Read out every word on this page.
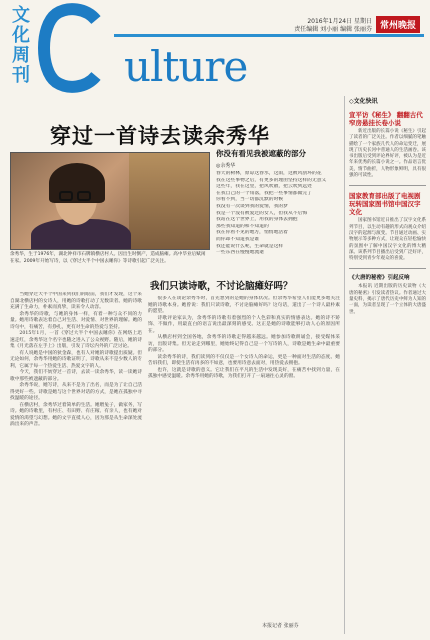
文化周刊 ulture
2016年1月24日 星期日
责任编辑 刘小丽 编辑 张丽芬 常州晚报
穿过一首诗去读余秀华
余秀华，生于1976年，湖北钟祥市石牌镇横店村人。因出生时倒产，造成脑瘫。高中毕业后赋闲在家。2009年开始写诗，以《穿过大半个中国去睡你》等诗歌引起广泛关注。
你没有看见我被遮蔽的部分
◎余秀华
春天的树林，原谅这春水，这雨，这被风刮坏的花
我在这些事物之后，有更多的理由坚持这样的无意义
这些年，我在这里，把风吹散，把云吹到远处
在我自己的一个角落，我把一些事情都做完了
你看不到，当一切都沉默的时候
我没有一次谈到我的爱情，我的梦
我是一个没有被爱过的女人，但我从不后悔
我站在这个世界上，用我的身体去拥抱
那些我知道的和不知道的
我在你看不见的地方，悄悄地活着
而你却不知道我是谁
我还能说什么呢，生命就是这样
一些东西在慢慢地流逝

当她穿过大半个中国来到我们的眼前，我们才发现，这个来自湖北横店村的女诗人，用她的诗歌打动了无数读者。她的诗歌充满了生命力，朴素而真挚，读来令人动容。

余秀华的诗歌，与她的身体一样，有着一种与众不同的力量。她用诗歌表达着自己对生活、对爱情、对世界的理解。她的诗句中，有痛苦，有挣扎，更有对生命的热爱与坚持。

2015年1月，一首《穿过大半个中国去睡你》在网络上迅速走红，余秀华这个名字也随之进入了公众视野。随后，她的诗集《月光落在左手上》出版，引发了诗坛内外的广泛讨论。

有人说她是中国的狄金森，也有人对她的诗歌提出质疑。但无论如何，余秀华用她的诗歌证明了，诗歌从来不是少数人的专利，它属于每一个热爱生活、热爱文字的人。

今天，我们不妨穿过一首诗，去读一读余秀华，读一读她诗歌中那些被遮蔽的部分。

余秀华说，她写诗，从来不是为了出名，而是为了让自己活得更好一些。诗歌是她与这个世界对话的方式，是她在孤独中寻找温暖的途径。

在横店村，余秀华过着简单的生活。她喂兔子，做家务，写诗。她的诗歌里，有村庄、有田野、有庄稼、有亲人，也有她对爱情的渴望与幻想。她的文字直抵人心，因为那是从生命深处流淌出来的声音。

我们只读诗歌，不讨论脑瘫好吗？

很多人在谈论余秀华时，首先想到的是她的身体状况。但余秀华希望人们能更多地关注她的诗歌本身。她曾说：我们只读诗歌，不讨论脑瘫好吗？这句话，道出了一个诗人最朴素的愿望。

诗歌评论家认为，余秀华的诗歌有着强烈的个人色彩和真实的情感表达。她的诗不矫饰、不做作，用最直白的语言说出最深刻的感受。这正是她的诗歌能够打动人心的原因所在。

从横店村到全国各地，余秀华的诗歌走得越来越远。她参加诗歌朗诵会，接受媒体采访，出版诗集。但无论走到哪里，她始终记得自己是一个写诗的人，诗歌是她生命中最重要的部分。

读余秀华的诗，我们读到的不仅仅是一个女诗人的命运，更是一种面对生活的态度。她告诉我们，即使生活有再多的不如意，也要用诗意去面对，用热爱去拥抱。

也许，这就是诗歌的意义。它让我们在平凡的生活中发现美好，在痛苦中找到力量，在孤独中感受温暖。余秀华用她的诗歌，为我们打开了一扇通往心灵的窗。

本报记者 张丽芬
◇文化快讯
宣平访《秘生》 翻翻古代窄房悬挂长卷小说
新近出版的长篇小说《秘生》引起了读者的广泛关注。作者以细腻的笔触描绘了一个家族几代人的命运变迁，展现了历史长河中普通人的生活画卷。该书出版后受到评论界好评，被认为是近年来优秀的长篇小说之一。作品语言优美，情节曲折，人物形象鲜明，具有很强的可读性。
国家教育部出版了电视剧 玩转国家图书馆中国汉字文化
国家图书馆近日推出了汉字文化系列节目，以生动有趣的形式向观众介绍汉字的起源与演变。节目通过动画、实物展示等多种方式，让观众在轻松愉快的氛围中了解中国汉字文化的博大精深。该系列节目播出后受到广泛好评，特别受到青少年观众的喜爱。
《大唐的秘密》引起反响
本报讯 近期出版的历史读物《大唐的秘密》引发读者热议。作者通过大量史料，揭示了唐代历史中鲜为人知的一面，为读者呈现了一个立体的大唐盛世。
